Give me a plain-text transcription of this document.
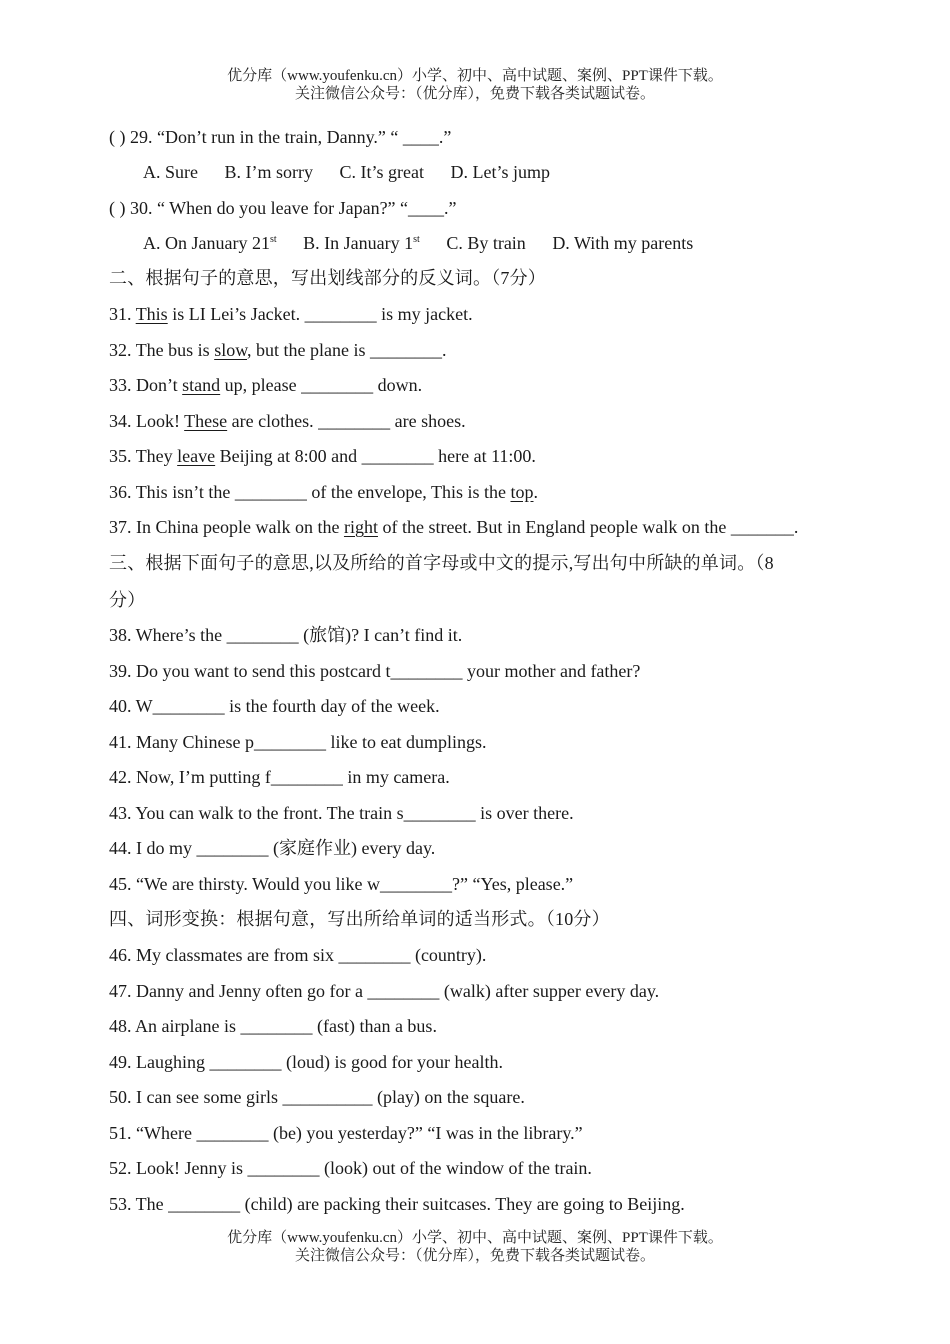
优分库（www.youfenku.cn）小学、初中、高中试题、案例、PPT课件下载。
关注微信公众号：（优分库），免费下载各类试题试卷。
( ) 29. “Don’t run in the train, Danny.” “ ____.”
A. Sure B. I’m sorry C. It’s great D. Let’s jump
( ) 30. “ When do you leave for Japan?” “____.”
A. On January 21st B. In January 1st C. By train D. With my parents
二、根据句子的意思，写出划线部分的反义词。（7分）
31. This is LI Lei’s Jacket. ________ is my jacket.
32. The bus is slow, but the plane is ________.
33. Don’t stand up, please ________ down.
34. Look! These are clothes. ________ are shoes.
35. They leave Beijing at 8:00 and ________ here at 11:00.
36. This isn’t the ________ of the envelope, This is the top.
37. In China people walk on the right of the street. But in England people walk on the _______.
三、根据下面句子的意思,以及所给的首字母或中文的提示,写出句中所缺的单词。（8
分）
38. Where’s the ________ (旅馆)? I can’t find it.
39. Do you want to send this postcard t________ your mother and father?
40. W________ is the fourth day of the week.
41. Many Chinese p________ like to eat dumplings.
42. Now, I’m putting f________ in my camera.
43. You can walk to the front. The train s________ is over there.
44. I do my ________ (家庭作业) every day.
45. “We are thirsty. Would you like w________?” “Yes, please.”
四、词形变换：根据句意，写出所给单词的适当形式。（10分）
46. My classmates are from six ________ (country).
47. Danny and Jenny often go for a ________ (walk) after supper every day.
48. An airplane is ________ (fast) than a bus.
49. Laughing ________ (loud) is good for your health.
50. I can see some girls __________ (play) on the square.
51. “Where ________ (be) you yesterday?” “I was in the library.”
52. Look! Jenny is ________ (look) out of the window of the train.
53. The ________ (child) are packing their suitcases. They are going to Beijing.
优分库（www.youfenku.cn）小学、初中、高中试题、案例、PPT课件下载。
关注微信公众号：（优分库），免费下载各类试题试卷。
